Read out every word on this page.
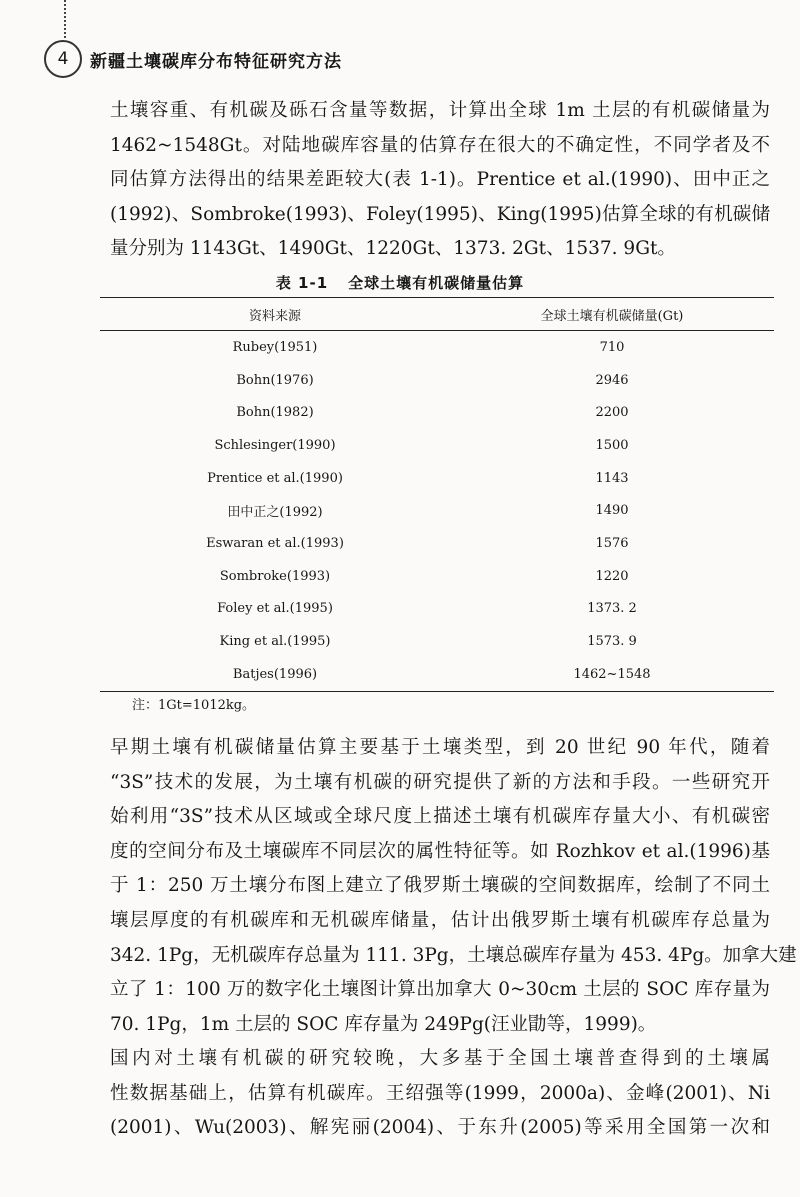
4	新疆土壤碳库分布特征研究方法

土壤容重、有机碳及砾石含量等数据，计算出全球 1m 土层的有机碳储量为
1462~1548Gt。对陆地碳库容量的估算存在很大的不确定性，不同学者及不
同估算方法得出的结果差距较大(表 1-1)。Prentice et al.(1990)、田中正之
(1992)、Sombroke(1993)、Foley(1995)、King(1995)估算全球的有机碳储
量分别为 1143Gt、1490Gt、1220Gt、1373. 2Gt、1537. 9Gt。

表 1-1 全球土壤有机碳储量估算
资料来源	全球土壤有机碳储量(Gt)
Rubey(1951)	710
Bohn(1976)	2946
Bohn(1982)	2200
Schlesinger(1990)	1500
Prentice et al.(1990)	1143
田中正之(1992)	1490
Eswaran et al.(1993)	1576
Sombroke(1993)	1220
Foley et al.(1995)	1373. 2
King et al.(1995)	1573. 9
Batjes(1996)	1462~1548
注：1Gt=1012kg。

早期土壤有机碳储量估算主要基于土壤类型，到 20 世纪 90 年代，随着
“3S”技术的发展，为土壤有机碳的研究提供了新的方法和手段。一些研究开
始利用“3S”技术从区域或全球尺度上描述土壤有机碳库存量大小、有机碳密
度的空间分布及土壤碳库不同层次的属性特征等。如 Rozhkov et al.(1996)基
于 1：250 万土壤分布图上建立了俄罗斯土壤碳的空间数据库，绘制了不同土
壤层厚度的有机碳库和无机碳库储量，估计出俄罗斯土壤有机碳库存总量为
342. 1Pg，无机碳库存总量为 111. 3Pg，土壤总碳库存量为 453. 4Pg。加拿大建
立了 1：100 万的数字化土壤图计算出加拿大 0~30cm 土层的 SOC 库存量为
70. 1Pg，1m 土层的 SOC 库存量为 249Pg(汪业勖等，1999)。

国内对土壤有机碳的研究较晚，大多基于全国土壤普查得到的土壤属
性数据基础上，估算有机碳库。王绍强等(1999，2000a)、金峰(2001)、Ni
(2001)、Wu(2003)、解宪丽(2004)、于东升(2005)等采用全国第一次和
